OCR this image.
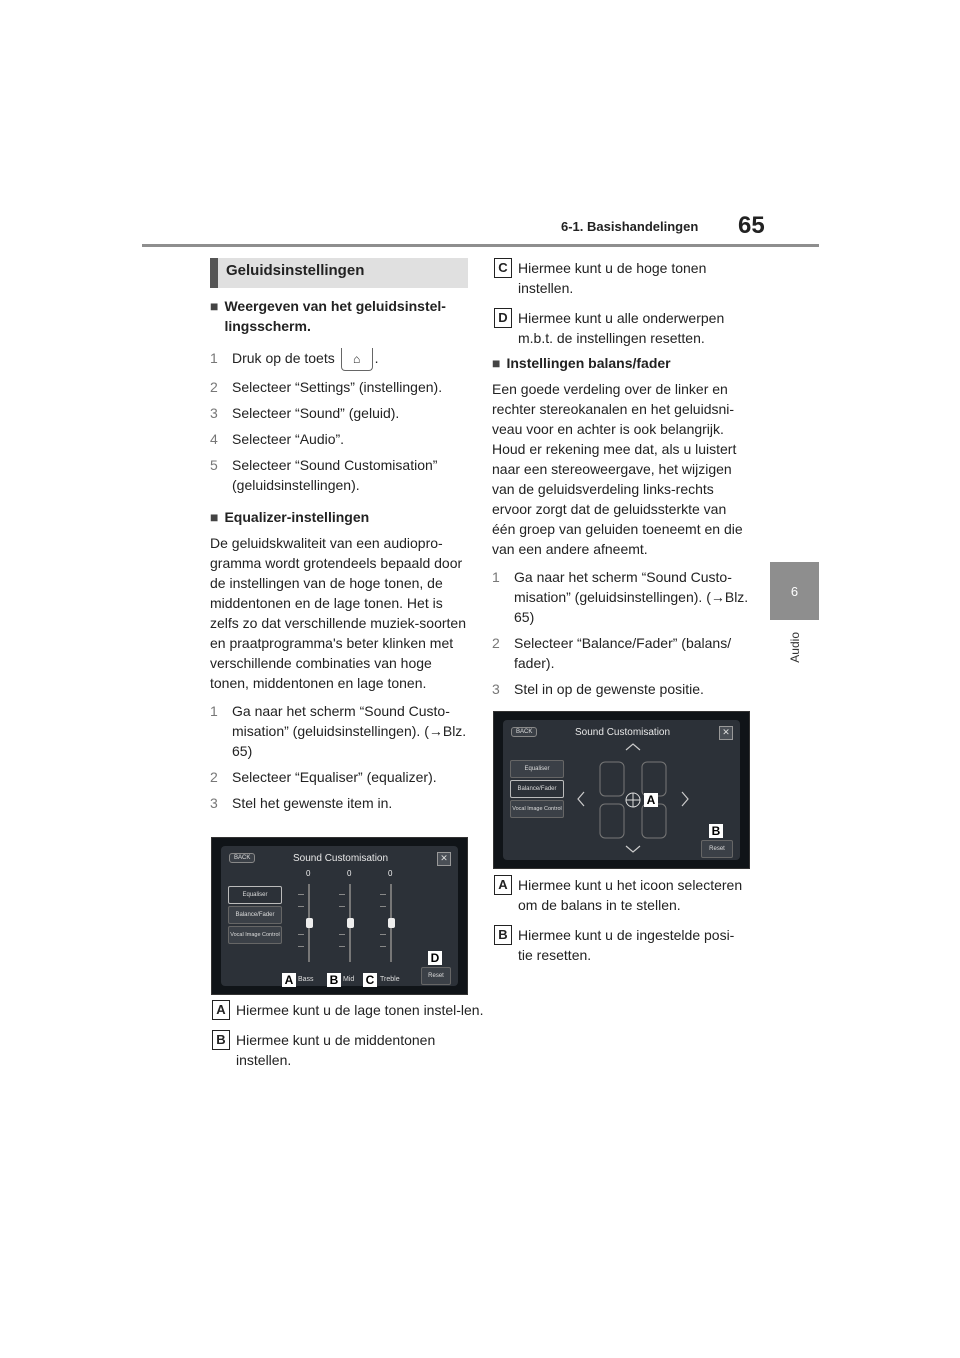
6-1. Basishandelingen 65
6
Audio
Geluidsinstellingen
■ Weergeven van het geluidsinstel-lingsscherm.
1	Druk op de toets ⌂ .
2	Selecteer “Settings” (instellingen).
3	Selecteer “Sound” (geluid).
4	Selecteer “Audio”.
5	Selecteer “Sound Customisation” (geluidsinstellingen).
■ Equalizer-instellingen
De geluidskwaliteit van een audiopro-gramma wordt grotendeels bepaald door de instellingen van de hoge tonen, de middentonen en de lage tonen. Het is zelfs zo dat verschillende muziek-soorten en praatprogramma's beter klinken met verschillende combinaties van hoge tonen, middentonen en lage tonen.
1	Ga naar het scherm “Sound Custo-misation” (geluidsinstellingen). (→Blz. 65)
2	Selecteer “Equaliser” (equalizer).
3	Stel het gewenste item in.
BACK	Sound Customisation	✕
Equaliser
Balance/Fader
Vocal Image Control
0	0	0
A Bass B Mid C Treble
D
Reset
A Hiermee kunt u de lage tonen instel-len.
B Hiermee kunt u de middentonen instellen.
C Hiermee kunt u de hoge tonen instellen.
D Hiermee kunt u alle onderwerpen m.b.t. de instellingen resetten.
■ Instellingen balans/fader
Een goede verdeling over de linker en rechter stereokanalen en het geluidsni-veau voor en achter is ook belangrijk. Houd er rekening mee dat, als u luistert naar een stereoweergave, het wijzigen van de geluidsverdeling links-rechts ervoor zorgt dat de geluidssterkte van één groep van geluiden toeneemt en die van een andere afneemt.
1	Ga naar het scherm “Sound Custo-misation” (geluidsinstellingen). (→Blz. 65)
2	Selecteer “Balance/Fader” (balans/ fader).
3	Stel in op de gewenste positie.
BACK	Sound Customisation	✕
Equaliser
Balance/Fader
Vocal Image Control
A
B
Reset
A Hiermee kunt u het icoon selecteren om de balans in te stellen.
B Hiermee kunt u de ingestelde posi-tie resetten.
